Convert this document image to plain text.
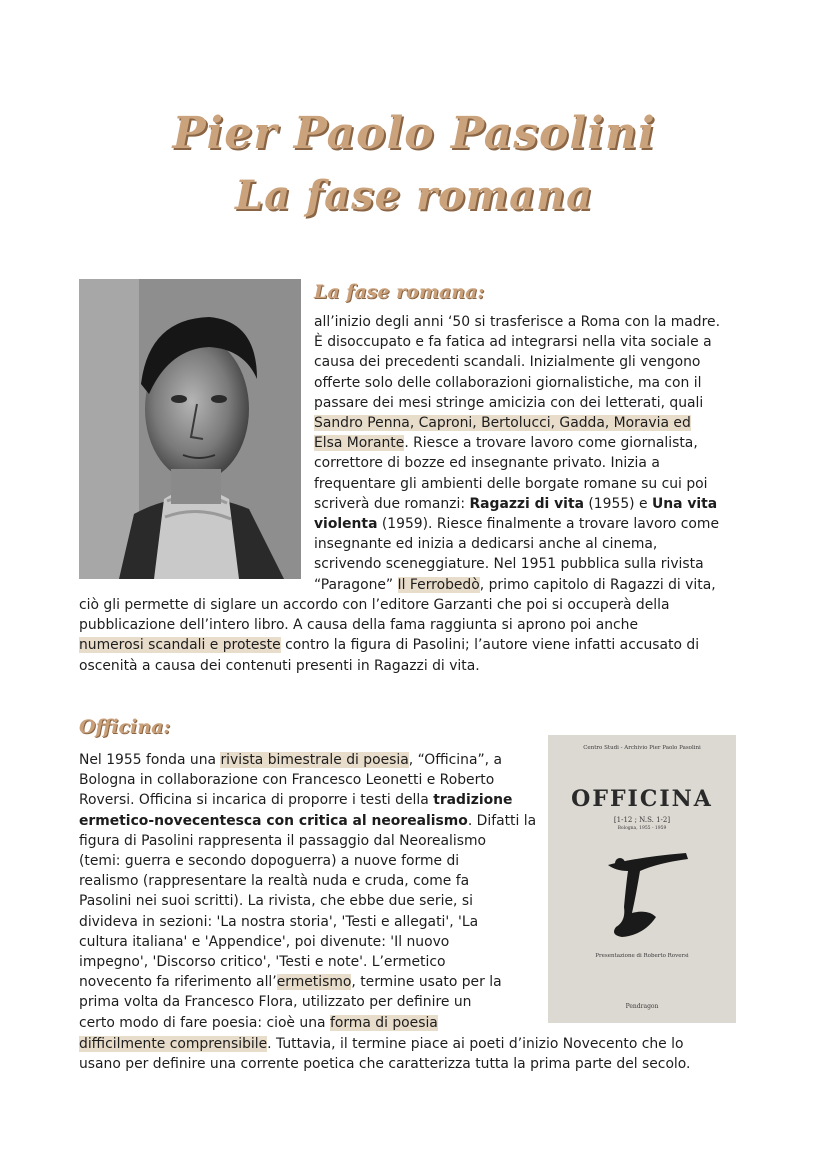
Pier Paolo Pasolini
La fase romana
La fase romana:
all’inizio degli anni ‘50 si trasferisce a Roma con la madre.
È disoccupato e fa fatica ad integrarsi nella vita sociale a
causa dei precedenti scandali. Inizialmente gli vengono
offerte solo delle collaborazioni giornalistiche, ma con il
passare dei mesi stringe amicizia con dei letterati, quali
Sandro Penna, Caproni, Bertolucci, Gadda, Moravia ed
Elsa Morante. Riesce a trovare lavoro come giornalista,
correttore di bozze ed insegnante privato. Inizia a
frequentare gli ambienti delle borgate romane su cui poi
scriverà due romanzi: Ragazzi di vita (1955) e Una vita
violenta (1959). Riesce finalmente a trovare lavoro come
insegnante ed inizia a dedicarsi anche al cinema,
scrivendo sceneggiature. Nel 1951 pubblica sulla rivista
“Paragone” Il Ferrobedò, primo capitolo di Ragazzi di vita,
ciò gli permette di siglare un accordo con l’editore Garzanti che poi si occuperà della
pubblicazione dell’intero libro. A causa della fama raggiunta si aprono poi anche
numerosi scandali e proteste contro la figura di Pasolini; l’autore viene infatti accusato di
oscenità a causa dei contenuti presenti in Ragazzi di vita.
Officina:
Nel 1955 fonda una rivista bimestrale di poesia, “Officina”, a
Bologna in collaborazione con Francesco Leonetti e Roberto
Roversi. Officina si incarica di proporre i testi della tradizione
ermetico-novecentesca con critica al neorealismo. Difatti la
figura di Pasolini rappresenta il passaggio dal Neorealismo
(temi: guerra e secondo dopoguerra) a nuove forme di
realismo (rappresentare la realtà nuda e cruda, come fa
Pasolini nei suoi scritti). La rivista, che ebbe due serie, si
divideva in sezioni: 'La nostra storia', 'Testi e allegati', 'La
cultura italiana' e 'Appendice', poi divenute: 'Il nuovo
impegno', 'Discorso critico', 'Testi e note'. L’ermetico
novecento fa riferimento all’ermetismo, termine usato per la
prima volta da Francesco Flora, utilizzato per definire un
certo modo di fare poesia: cioè una forma di poesia
difficilmente comprensibile. Tuttavia, il termine piace ai poeti d’inizio Novecento che lo
usano per definire una corrente poetica che caratterizza tutta la prima parte del secolo.
Centro Studi - Archivio Pier Paolo Pasolini
OFFICINA
[1-12 ; N.S. 1-2]
Bologna, 1955 - 1959
Presentazione di Roberto Roversi
Pendragon
